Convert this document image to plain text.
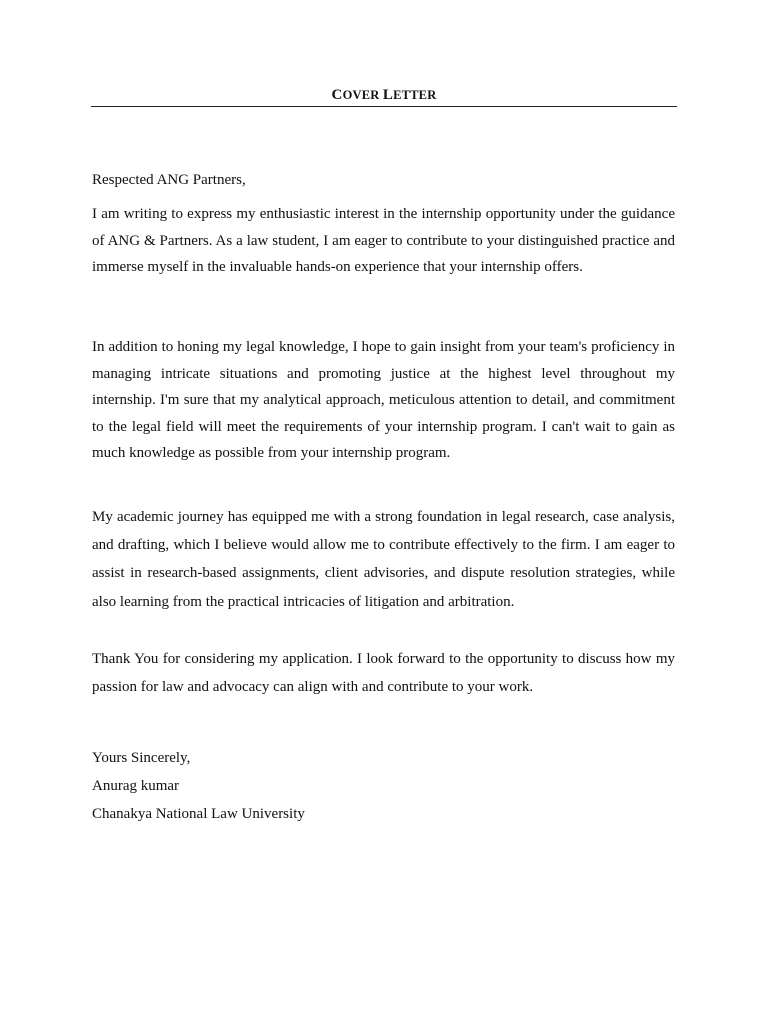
COVER LETTER
Respected ANG Partners,
I am writing to express my enthusiastic interest in the internship opportunity under the guidance of ANG & Partners. As a law student, I am eager to contribute to your distinguished practice and immerse myself in the invaluable hands-on experience that your internship offers.
In addition to honing my legal knowledge, I hope to gain insight from your team's proficiency in managing intricate situations and promoting justice at the highest level throughout my internship. I'm sure that my analytical approach, meticulous attention to detail, and commitment to the legal field will meet the requirements of your internship program. I can't wait to gain as much knowledge as possible from your internship program.
My academic journey has equipped me with a strong foundation in legal research, case analysis, and drafting, which I believe would allow me to contribute effectively to the firm. I am eager to assist in research-based assignments, client advisories, and dispute resolution strategies, while also learning from the practical intricacies of litigation and arbitration.
Thank You for considering my application. I look forward to the opportunity to discuss how my passion for law and advocacy can align with and contribute to your work.
Yours Sincerely,
Anurag kumar
Chanakya National Law University
